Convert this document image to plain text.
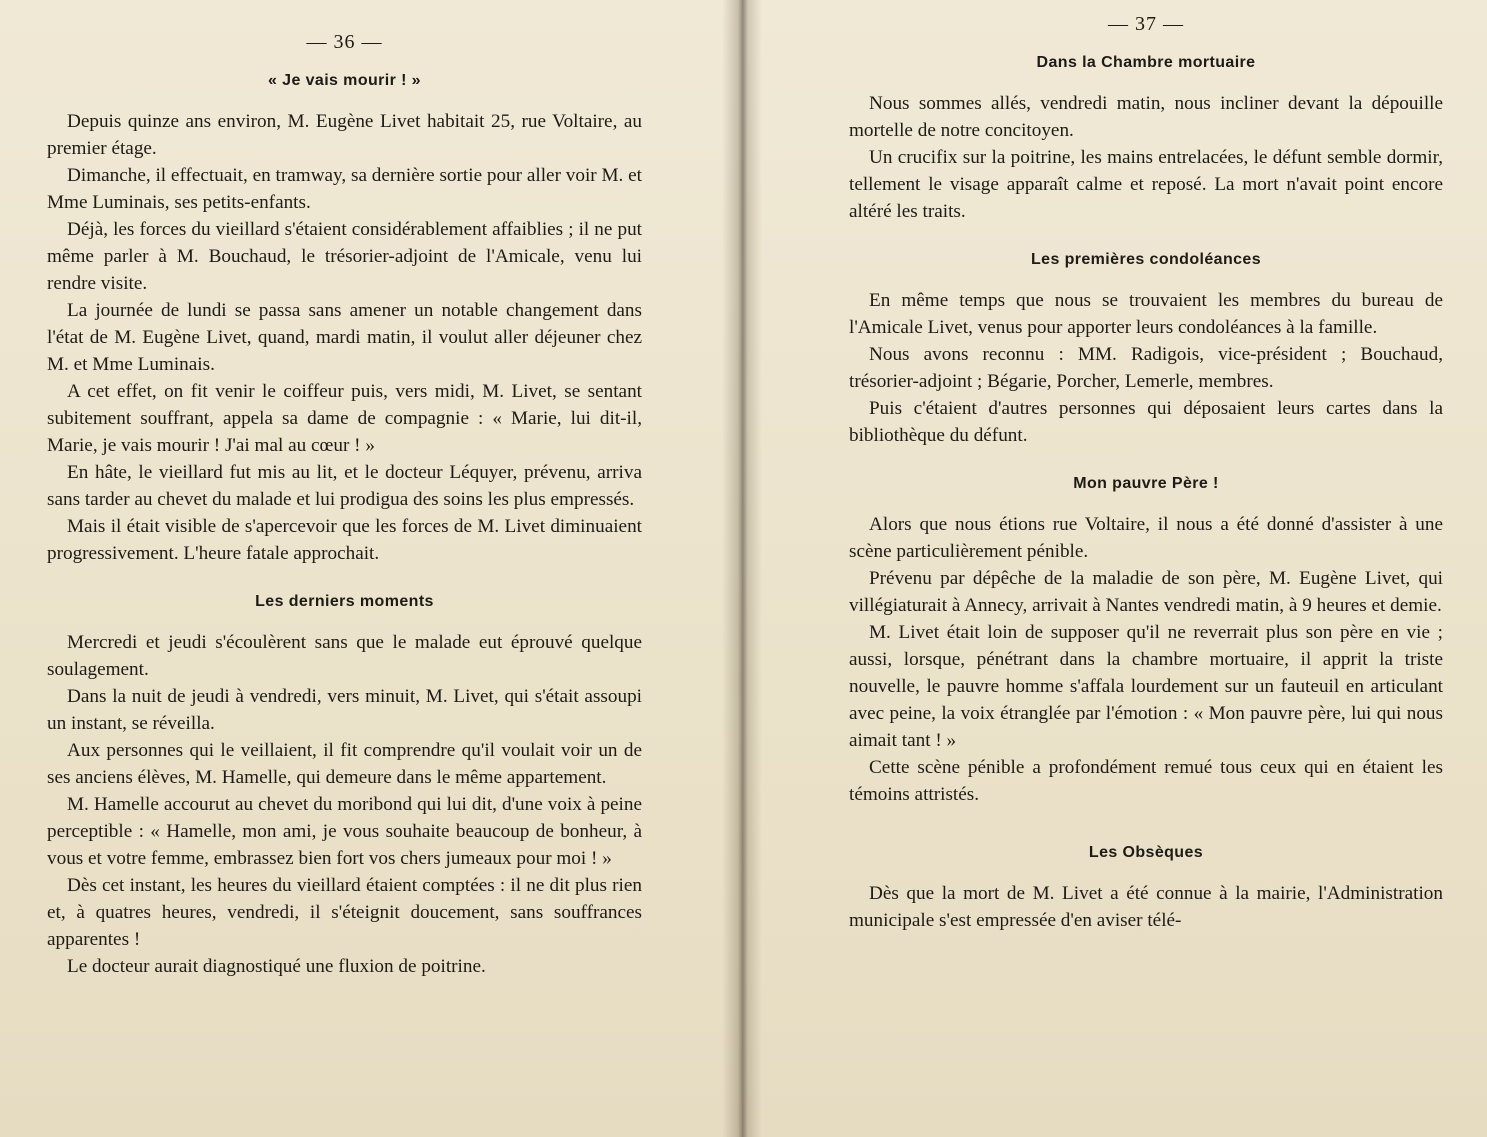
— 36 —
« Je vais mourir ! »

Depuis quinze ans environ, M. Eugène Livet habitait 25, rue Voltaire, au premier étage.

Dimanche, il effectuait, en tramway, sa dernière sortie pour aller voir M. et Mme Luminais, ses petits-enfants.

Déjà, les forces du vieillard s'étaient considérablement affaiblies ; il ne put même parler à M. Bouchaud, le trésorier-adjoint de l'Amicale, venu lui rendre visite.

La journée de lundi se passa sans amener un notable changement dans l'état de M. Eugène Livet, quand, mardi matin, il voulut aller déjeuner chez M. et Mme Luminais.

A cet effet, on fit venir le coiffeur puis, vers midi, M. Livet, se sentant subitement souffrant, appela sa dame de compagnie : « Marie, lui dit-il, Marie, je vais mourir ! J'ai mal au cœur ! »

En hâte, le vieillard fut mis au lit, et le docteur Léquyer, prévenu, arriva sans tarder au chevet du malade et lui prodigua des soins les plus empressés.

Mais il était visible de s'apercevoir que les forces de M. Livet diminuaient progressivement. L'heure fatale approchait.

Les derniers moments

Mercredi et jeudi s'écoulèrent sans que le malade eut éprouvé quelque soulagement.

Dans la nuit de jeudi à vendredi, vers minuit, M. Livet, qui s'était assoupi un instant, se réveilla.

Aux personnes qui le veillaient, il fit comprendre qu'il voulait voir un de ses anciens élèves, M. Hamelle, qui demeure dans le même appartement.

M. Hamelle accourut au chevet du moribond qui lui dit, d'une voix à peine perceptible : « Hamelle, mon ami, je vous souhaite beaucoup de bonheur, à vous et votre femme, embrassez bien fort vos chers jumeaux pour moi ! »

Dès cet instant, les heures du vieillard étaient comptées : il ne dit plus rien et, à quatres heures, vendredi, il s'éteignit doucement, sans souffrances apparentes !

Le docteur aurait diagnostiqué une fluxion de poitrine.

— 37 —
Dans la Chambre mortuaire

Nous sommes allés, vendredi matin, nous incliner devant la dépouille mortelle de notre concitoyen.

Un crucifix sur la poitrine, les mains entrelacées, le défunt semble dormir, tellement le visage apparaît calme et reposé. La mort n'avait point encore altéré les traits.

Les premières condoléances

En même temps que nous se trouvaient les membres du bureau de l'Amicale Livet, venus pour apporter leurs condoléances à la famille.

Nous avons reconnu : MM. Radigois, vice-président ; Bouchaud, trésorier-adjoint ; Bégarie, Porcher, Lemerle, membres.

Puis c'étaient d'autres personnes qui déposaient leurs cartes dans la bibliothèque du défunt.

Mon pauvre Père !

Alors que nous étions rue Voltaire, il nous a été donné d'assister à une scène particulièrement pénible.

Prévenu par dépêche de la maladie de son père, M. Eugène Livet, qui villégiaturait à Annecy, arrivait à Nantes vendredi matin, à 9 heures et demie.

M. Livet était loin de supposer qu'il ne reverrait plus son père en vie ; aussi, lorsque, pénétrant dans la chambre mortuaire, il apprit la triste nouvelle, le pauvre homme s'affala lourdement sur un fauteuil en articulant avec peine, la voix étranglée par l'émotion : « Mon pauvre père, lui qui nous aimait tant ! »

Cette scène pénible a profondément remué tous ceux qui en étaient les témoins attristés.

Les Obsèques

Dès que la mort de M. Livet a été connue à la mairie, l'Administration municipale s'est empressée d'en aviser télé-
